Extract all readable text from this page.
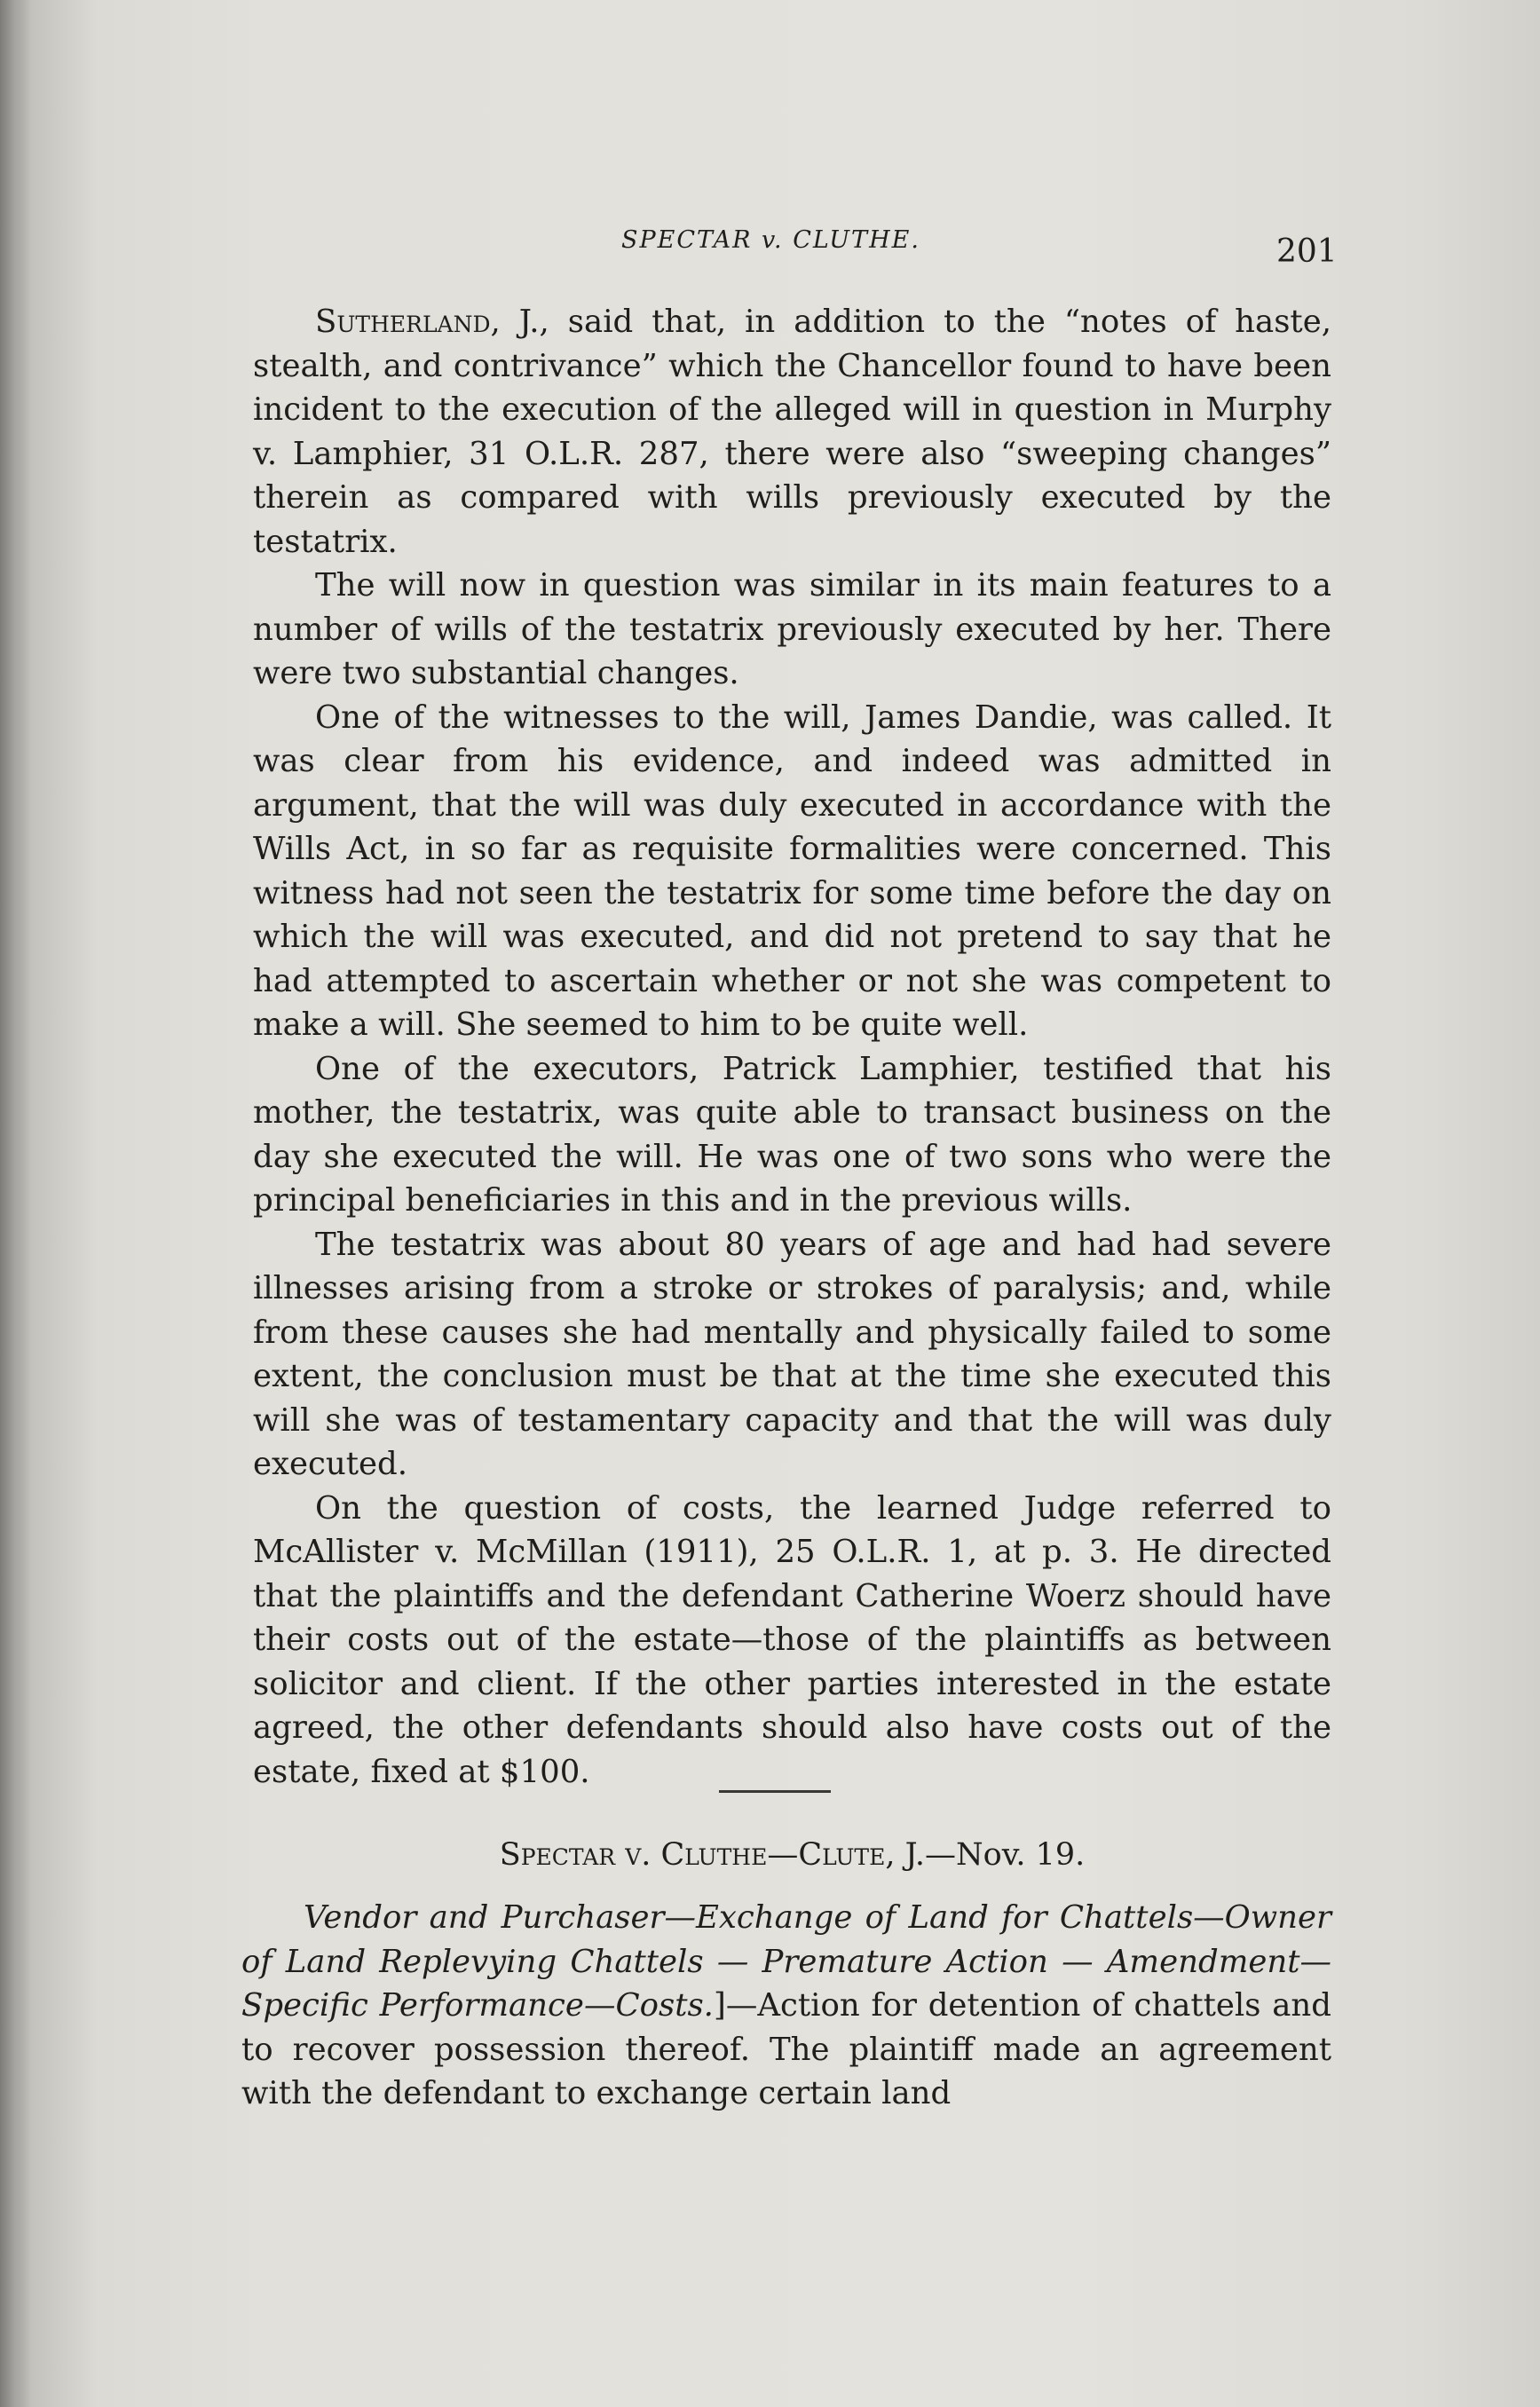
SPECTAR v. CLUTHE.	201

Sutherland, J., said that, in addition to the “notes of haste, stealth, and contrivance” which the Chancellor found to have been incident to the execution of the alleged will in question in Murphy v. Lamphier, 31 O.L.R. 287, there were also “sweeping changes” therein as compared with wills previously executed by the testatrix.

The will now in question was similar in its main features to a number of wills of the testatrix previously executed by her. There were two substantial changes.

One of the witnesses to the will, James Dandie, was called. It was clear from his evidence, and indeed was admitted in argument, that the will was duly executed in accordance with the Wills Act, in so far as requisite formalities were concerned. This witness had not seen the testatrix for some time before the day on which the will was executed, and did not pretend to say that he had attempted to ascertain whether or not she was competent to make a will. She seemed to him to be quite well.

One of the executors, Patrick Lamphier, testified that his mother, the testatrix, was quite able to transact business on the day she executed the will. He was one of two sons who were the principal beneficiaries in this and in the previous wills.

The testatrix was about 80 years of age and had had severe illnesses arising from a stroke or strokes of paralysis; and, while from these causes she had mentally and physically failed to some extent, the conclusion must be that at the time she executed this will she was of testamentary capacity and that the will was duly executed.

On the question of costs, the learned Judge referred to McAllister v. McMillan (1911), 25 O.L.R. 1, at p. 3. He directed that the plaintiffs and the defendant Catherine Woerz should have their costs out of the estate—those of the plaintiffs as between solicitor and client. If the other parties interested in the estate agreed, the other defendants should also have costs out of the estate, fixed at $100.

Spectar v. Cluthe—Clute, J.—Nov. 19.

Vendor and Purchaser—Exchange of Land for Chattels—Owner of Land Replevying Chattels — Premature Action — Amendment—Specific Performance—Costs.]—Action for detention of chattels and to recover possession thereof. The plaintiff made an agreement with the defendant to exchange certain land
